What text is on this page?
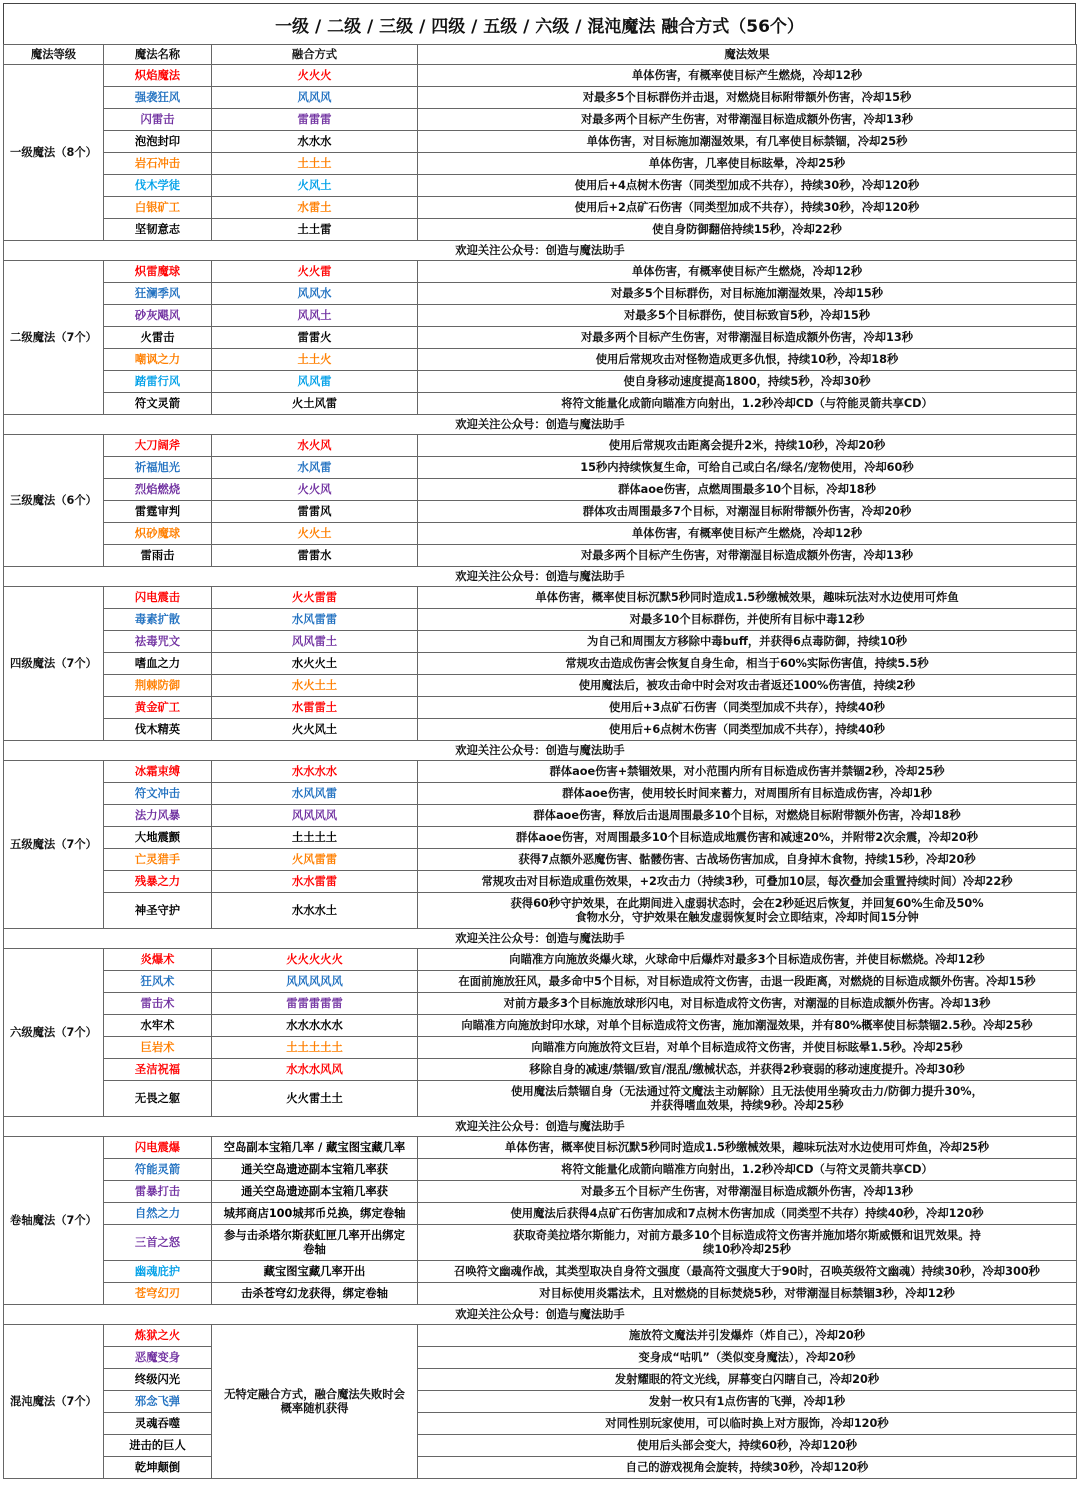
一级 / 二级 / 三级 / 四级 / 五级 / 六级 / 混沌魔法 融合方式（56个）
魔法等级	魔法名称	融合方式	魔法效果
一级魔法（8个）	炽焰魔法	火火火	单体伤害，有概率使目标产生燃烧，冷却12秒
	强袭狂风	风风风	对最多5个目标群伤并击退，对燃烧目标附带额外伤害，冷却15秒
	闪雷击	雷雷雷	对最多两个目标产生伤害，对带潮湿目标造成额外伤害，冷却13秒
	泡泡封印	水水水	单体伤害，对目标施加潮湿效果，有几率使目标禁锢，冷却25秒
	岩石冲击	土土土	单体伤害，几率使目标眩晕，冷却25秒
	伐木学徒	火风土	使用后+4点树木伤害（同类型加成不共存），持续30秒，冷却120秒
	白银矿工	水雷土	使用后+2点矿石伤害（同类型加成不共存），持续30秒，冷却120秒
	坚韧意志	土土雷	使自身防御翻倍持续15秒，冷却22秒
欢迎关注公众号：创造与魔法助手			
二级魔法（7个）	炽雷魔球	火火雷	单体伤害，有概率使目标产生燃烧，冷却12秒
	狂澜季风	风风水	对最多5个目标群伤，对目标施加潮湿效果，冷却15秒
	砂灰飓风	风风土	对最多5个目标群伤，使目标致盲5秒，冷却15秒
	火雷击	雷雷火	对最多两个目标产生伤害，对带潮湿目标造成额外伤害，冷却13秒
	嘲讽之力	土土火	使用后常规攻击对怪物造成更多仇恨，持续10秒，冷却18秒
	踏雷行风	风风雷	使自身移动速度提高1800，持续5秒，冷却30秒
	符文灵箭	火土风雷	将符文能量化成箭向瞄准方向射出，1.2秒冷却CD（与符能灵箭共享CD）
欢迎关注公众号：创造与魔法助手			
三级魔法（6个）	大刀阔斧	水火风	使用后常规攻击距离会提升2米，持续10秒，冷却20秒
	祈福旭光	水风雷	15秒内持续恢复生命，可给自己或白名/绿名/宠物使用，冷却60秒
	烈焰燃烧	火火风	群体aoe伤害，点燃周围最多10个目标，冷却18秒
	雷霆审判	雷雷风	群体攻击周围最多7个目标，对潮湿目标附带额外伤害，冷却20秒
	炽砂魔球	火火土	单体伤害，有概率使目标产生燃烧，冷却12秒
	雷雨击	雷雷水	对最多两个目标产生伤害，对带潮湿目标造成额外伤害，冷却13秒
欢迎关注公众号：创造与魔法助手			
四级魔法（7个）	闪电震击	火火雷雷	单体伤害，概率使目标沉默5秒同时造成1.5秒缴械效果，趣味玩法对水边使用可炸鱼
	毒素扩散	水风雷雷	对最多10个目标群伤，并使所有目标中毒12秒
	祛毒咒文	风风雷土	为自己和周围友方移除中毒buff，并获得6点毒防御，持续10秒
	嗜血之力	水火火土	常规攻击造成伤害会恢复自身生命，相当于60%实际伤害值，持续5.5秒
	荆棘防御	水火土土	使用魔法后，被攻击命中时会对攻击者返还100%伤害值，持续2秒
	黄金矿工	水雷雷土	使用后+3点矿石伤害（同类型加成不共存），持续40秒
	伐木精英	火火风土	使用后+6点树木伤害（同类型加成不共存），持续40秒
欢迎关注公众号：创造与魔法助手			
五级魔法（7个）	冰霜束缚	水水水水	群体aoe伤害+禁锢效果，对小范围内所有目标造成伤害并禁锢2秒，冷却25秒
	符文冲击	水风风雷	群体aoe伤害，使用较长时间来蓄力，对周围所有目标造成伤害，冷却1秒
	法力风暴	风风风风	群体aoe伤害，释放后击退周围最多10个目标，对燃烧目标附带额外伤害，冷却18秒
	大地震颤	土土土土	群体aoe伤害，对周围最多10个目标造成地震伤害和减速20%，并附带2次余震，冷却20秒
	亡灵猎手	火风雷雷	获得7点额外恶魔伤害、骷髅伤害、古战场伤害加成，自身掉木食物，持续15秒，冷却20秒
	残暴之力	水水雷雷	常规攻击对目标造成重伤效果，+2攻击力（持续3秒，可叠加10层，每次叠加会重置持续时间）冷却22秒
	神圣守护	水水水土	获得60秒守护效果，在此期间进入虚弱状态时，会在2秒延迟后恢复，并回复60%生命及50%食物水分，守护效果在触发虚弱恢复时会立即结束，冷却时间15分钟
欢迎关注公众号：创造与魔法助手			
六级魔法（7个）	炎爆术	火火火火火	向瞄准方向施放炎爆火球，火球命中后爆炸对最多3个目标造成伤害，并使目标燃烧。冷却12秒
	狂风术	风风风风风	在面前施放狂风，最多命中5个目标，对目标造成符文伤害，击退一段距离，对燃烧的目标造成额外伤害。冷却15秒
	雷击术	雷雷雷雷雷	对前方最多3个目标施放球形闪电，对目标造成符文伤害，对潮湿的目标造成额外伤害。冷却13秒
	水牢术	水水水水水	向瞄准方向施放封印水球，对单个目标造成符文伤害，施加潮湿效果，并有80%概率使目标禁锢2.5秒。冷却25秒
	巨岩术	土土土土土	向瞄准方向施放符文巨岩，对单个目标造成符文伤害，并使目标眩晕1.5秒。冷却25秒
	圣洁祝福	水水水风风	移除自身的减速/禁锢/致盲/混乱/缴械状态，并获得2秒衰弱的移动速度提升。冷却30秒
	无畏之躯	火火雷土土	使用魔法后禁锢自身（无法通过符文魔法主动解除）且无法使用坐骑攻击力/防御力提升30%，并获得嗜血效果，持续9秒。冷却25秒
欢迎关注公众号：创造与魔法助手			
卷轴魔法（7个）	闪电震爆	空岛副本宝箱几率 / 藏宝图宝藏几率	单体伤害，概率使目标沉默5秒同时造成1.5秒缴械效果，趣味玩法对水边使用可炸鱼，冷却25秒
	符能灵箭	通关空岛遗迹副本宝箱几率获	将符文能量化成箭向瞄准方向射出，1.2秒冷却CD（与符文灵箭共享CD）
	雷暴打击	通关空岛遗迹副本宝箱几率获	对最多五个目标产生伤害，对带潮湿目标造成额外伤害，冷却13秒
	自然之力	城邦商店100城邦币兑换，绑定卷轴	使用魔法后获得4点矿石伤害加成和7点树木伤害加成（同类型不共存）持续40秒，冷却120秒
	三首之怒	参与击杀塔尔斯获虹匣几率开出绑定卷轴	获取奇美拉塔尔斯能力，对前方最多10个目标造成符文伤害并施加塔尔斯威慑和诅咒效果。持续10秒冷却25秒
	幽魂庇护	藏宝图宝藏几率开出	召唤符文幽魂作战，其类型取决自身符文强度（最高符文强度大于90时，召唤英级符文幽魂）持续30秒，冷却300秒
	苍穹幻刃	击杀苍穹幻龙获得，绑定卷轴	对目标使用炎霜法术，且对燃烧的目标焚烧5秒，对带潮湿目标禁锢3秒，冷却12秒
欢迎关注公众号：创造与魔法助手			
混沌魔法（7个）	炼狱之火	无特定融合方式，融合魔法失败时会概率随机获得	施放符文魔法并引发爆炸（炸自己），冷却20秒
	恶魔变身		变身成“咕叽”（类似变身魔法），冷却20秒
	终级闪光		发射耀眼的符文光线，屏幕变白闪瞎自己，冷却20秒
	邪念飞弹		发射一枚只有1点伤害的飞弹，冷却1秒
	灵魂吞噬		对同性别玩家使用，可以临时换上对方服饰，冷却120秒
	进击的巨人		使用后头部会变大，持续60秒，冷却120秒
	乾坤颠倒		自己的游戏视角会旋转，持续30秒，冷却120秒
